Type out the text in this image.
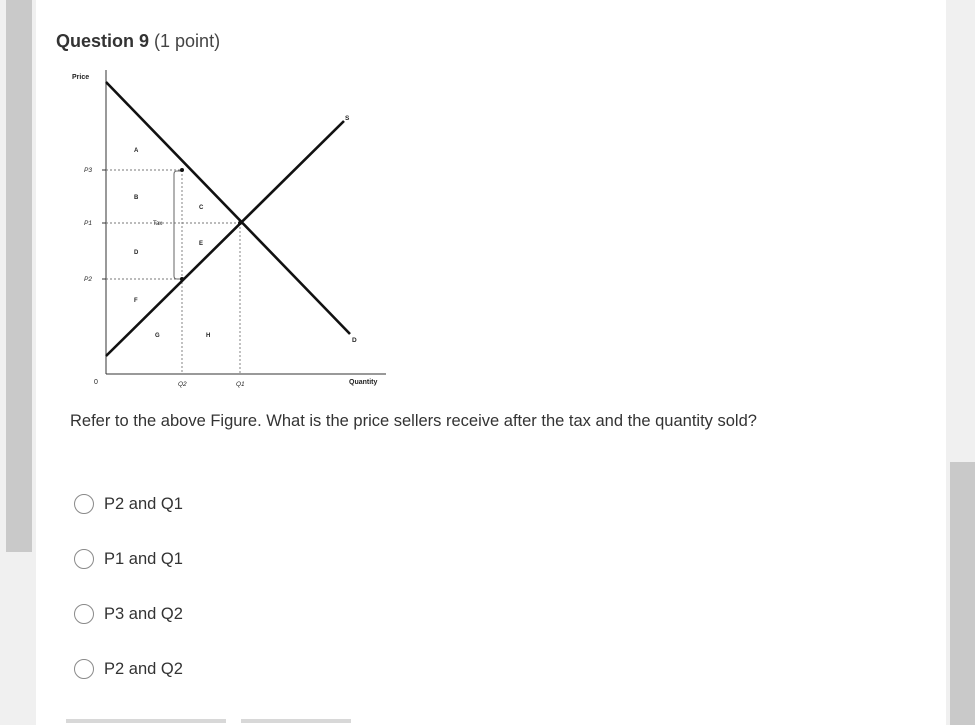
Question 9 (1 point)
Price
Quantity
0
P3
P1
P2
Q2	Q1
A
B
C
D
E
F
G	H
Tax
S
D
Refer to the above Figure. What is the price sellers receive after the tax and the quantity sold?
P2 and Q1
P1 and Q1
P3 and Q2
P2 and Q2
